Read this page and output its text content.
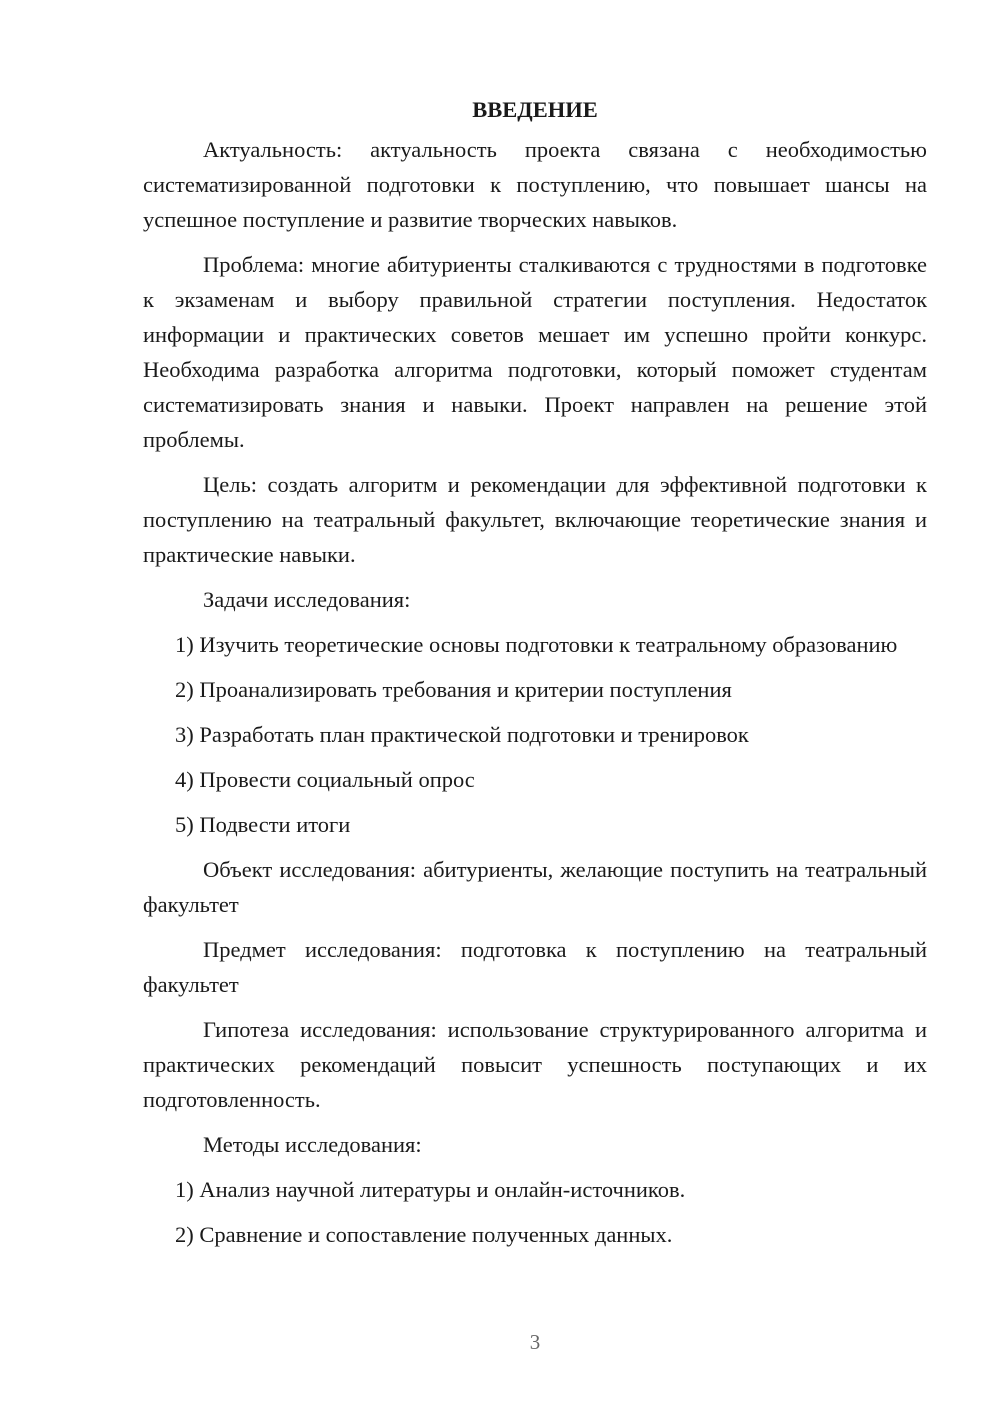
ВВЕДЕНИЕ

Актуальность: актуальность проекта связана с необходимостью систематизированной подготовки к поступлению, что повышает шансы на успешное поступление и развитие творческих навыков.

Проблема: многие абитуриенты сталкиваются с трудностями в подготовке к экзаменам и выбору правильной стратегии поступления. Недостаток информации и практических советов мешает им успешно пройти конкурс. Необходима разработка алгоритма подготовки, который поможет студентам систематизировать знания и навыки. Проект направлен на решение этой проблемы.

Цель: создать алгоритм и рекомендации для эффективной подготовки к поступлению на театральный факультет, включающие теоретические знания и практические навыки.

Задачи исследования:

1) Изучить теоретические основы подготовки к театральному образованию

2) Проанализировать требования и критерии поступления

3) Разработать план практической подготовки и тренировок

4) Провести социальный опрос

5) Подвести итоги

Объект исследования: абитуриенты, желающие поступить на театральный факультет

Предмет исследования: подготовка к поступлению на театральный факультет

Гипотеза исследования: использование структурированного алгоритма и практических рекомендаций повысит успешность поступающих и их подготовленность.

Методы исследования:

1) Анализ научной литературы и онлайн-источников.

2) Сравнение и сопоставление полученных данных.

3
